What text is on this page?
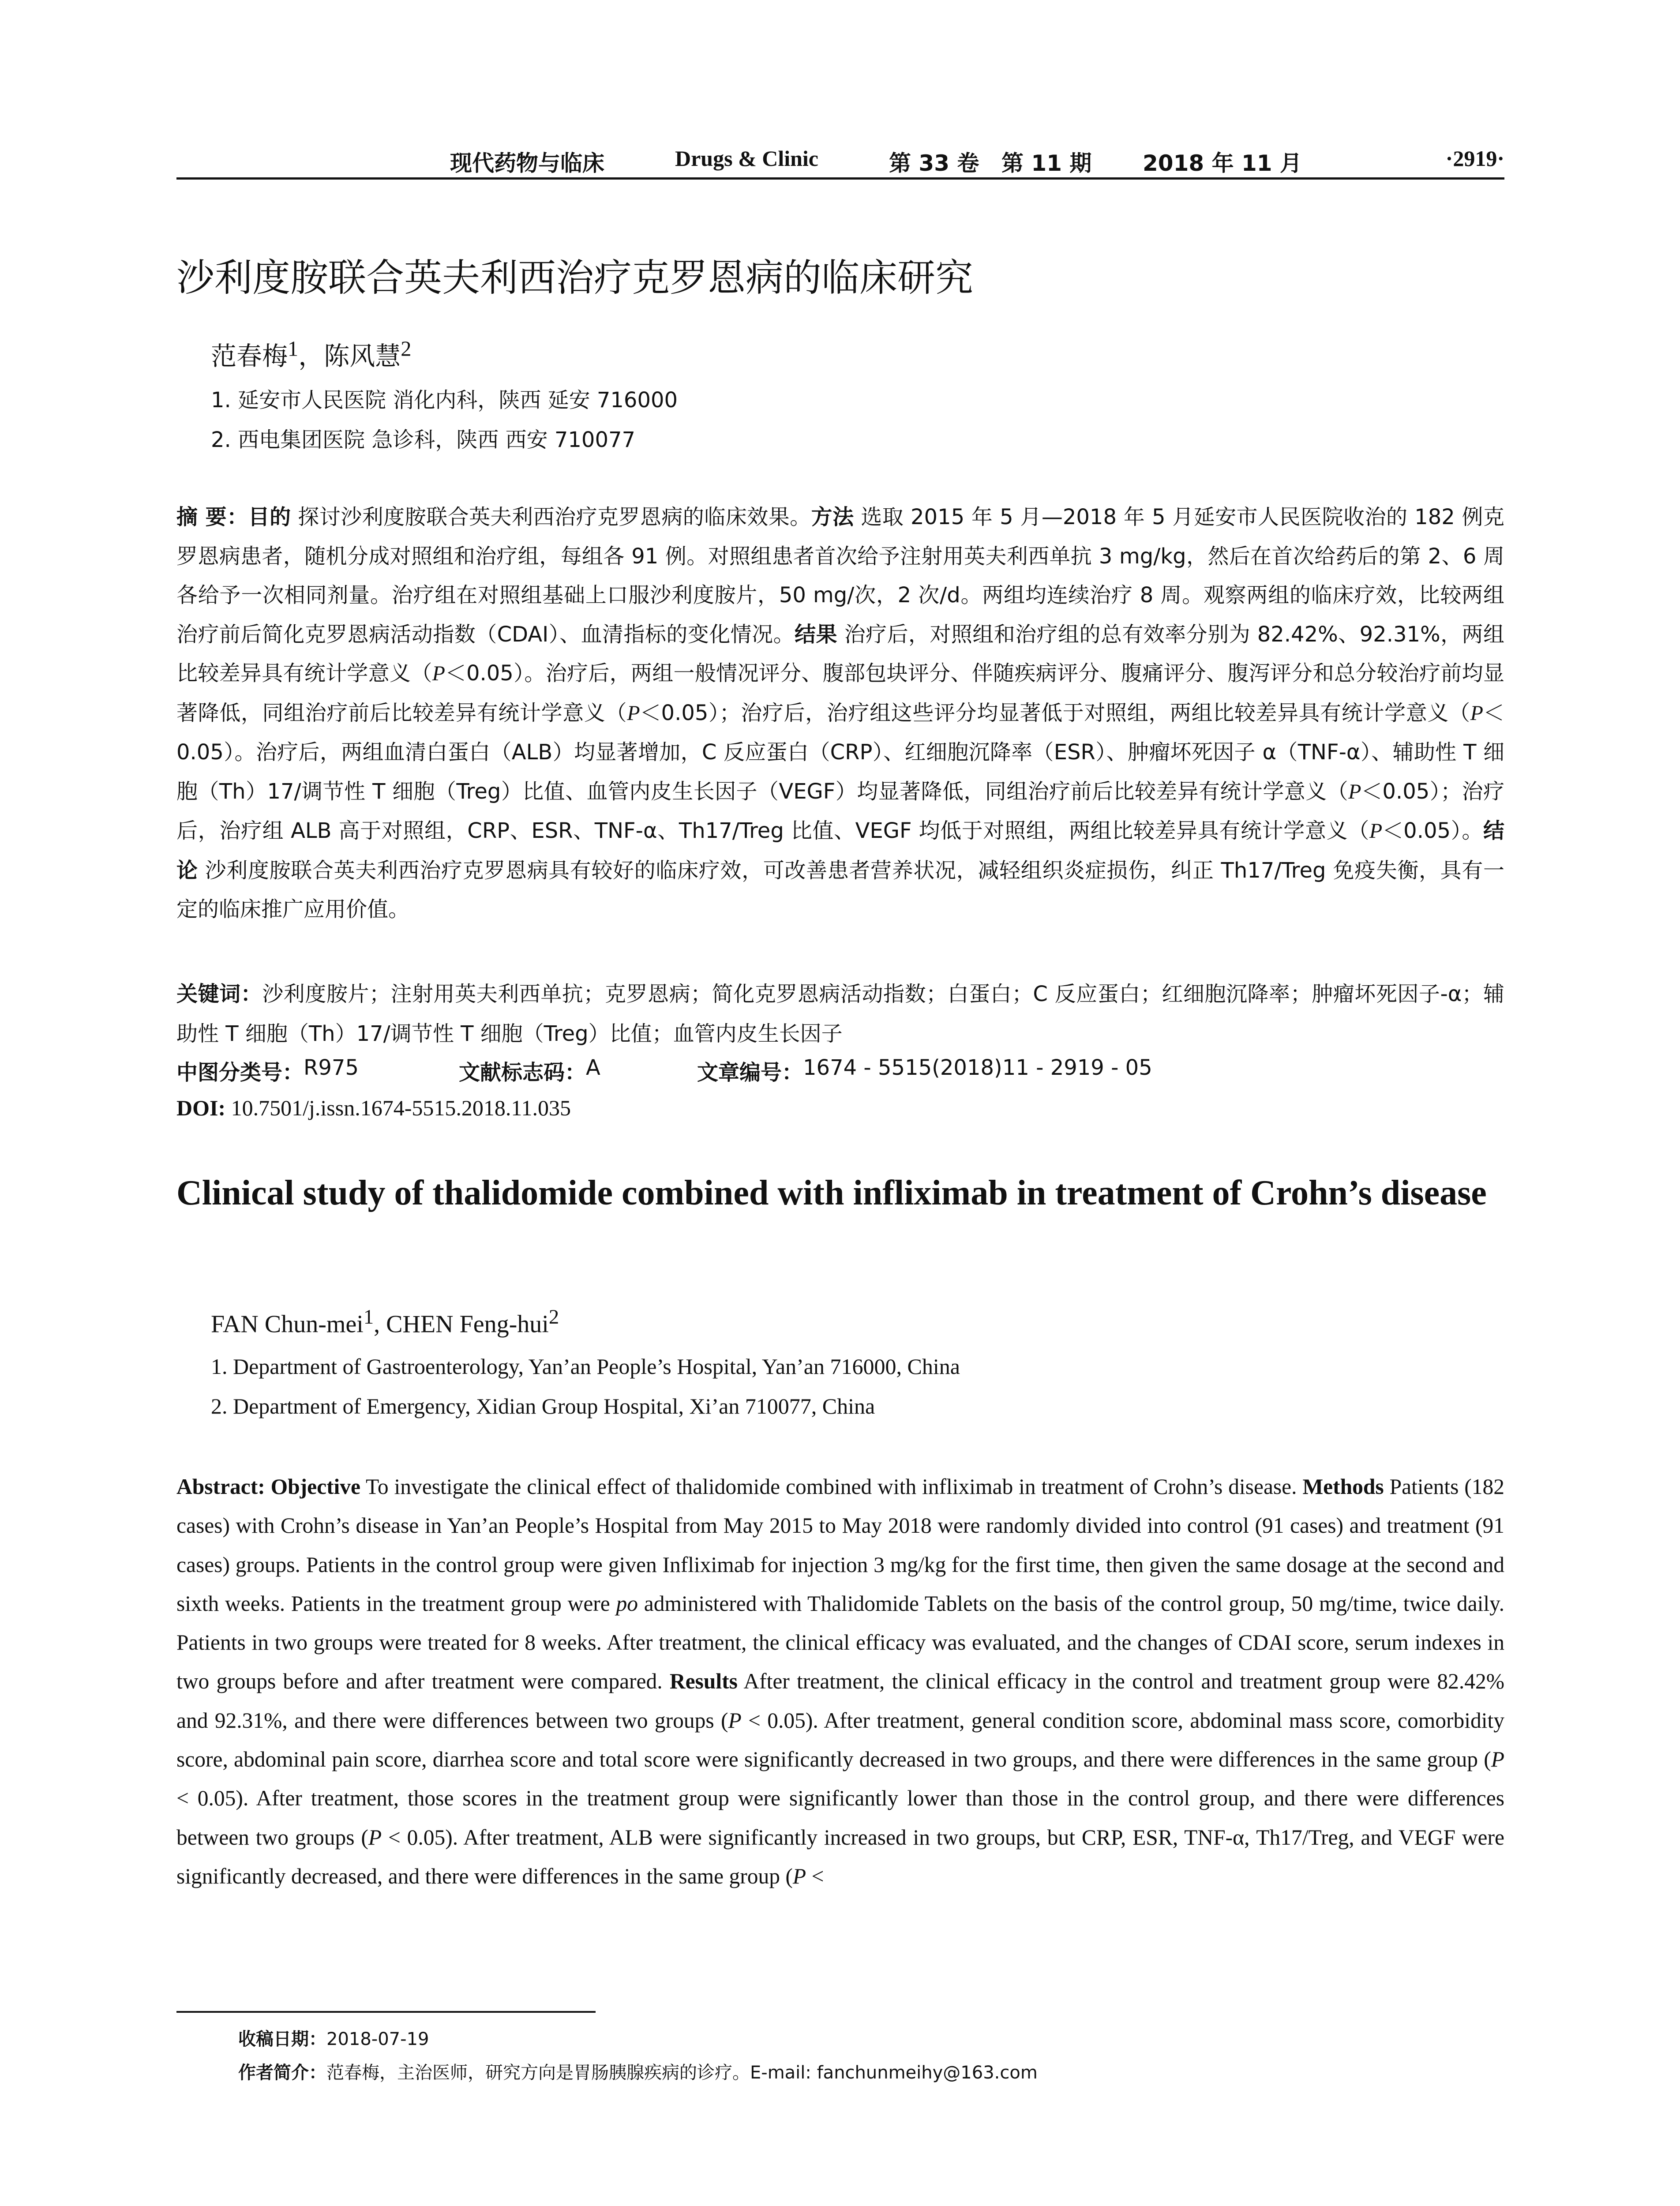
现代药物与临床	Drugs & Clinic	第 33 卷 第 11 期 2018 年 11 月	·2919·
沙利度胺联合英夫利西治疗克罗恩病的临床研究
范春梅$^1$，陈风慧$^2$
1. 延安市人民医院 消化内科，陕西 延安 716000
2. 西电集团医院 急诊科，陕西 西安 710077
摘 要：目的 探讨沙利度胺联合英夫利西治疗克罗恩病的临床效果。方法 选取 2015 年 5 月—2018 年 5 月延安市人民医院收治的 182 例克罗恩病患者，随机分成对照组和治疗组，每组各 91 例。对照组患者首次给予注射用英夫利西单抗 3 mg/kg，然后在首次给药后的第 2、6 周各给予一次相同剂量。治疗组在对照组基础上口服沙利度胺片，50 mg/次，2 次/d。两组均连续治疗 8 周。观察两组的临床疗效，比较两组治疗前后简化克罗恩病活动指数（CDAI）、血清指标的变化情况。结果 治疗后，对照组和治疗组的总有效率分别为 82.42%、92.31%，两组比较差异具有统计学意义（P＜0.05）。治疗后，两组一般情况评分、腹部包块评分、伴随疾病评分、腹痛评分、腹泻评分和总分较治疗前均显著降低，同组治疗前后比较差异有统计学意义（P＜0.05）；治疗后，治疗组这些评分均显著低于对照组，两组比较差异具有统计学意义（P＜0.05）。治疗后，两组血清白蛋白（ALB）均显著增加，C 反应蛋白（CRP）、红细胞沉降率（ESR）、肿瘤坏死因子 α（TNF-α）、辅助性 T 细胞（Th）17/调节性 T 细胞（Treg）比值、血管内皮生长因子（VEGF）均显著降低，同组治疗前后比较差异有统计学意义（P＜0.05）；治疗后，治疗组 ALB 高于对照组，CRP、ESR、TNF-α、Th17/Treg 比值、VEGF 均低于对照组，两组比较差异具有统计学意义（P＜0.05）。结论 沙利度胺联合英夫利西治疗克罗恩病具有较好的临床疗效，可改善患者营养状况，减轻组织炎症损伤，纠正 Th17/Treg 免疫失衡，具有一定的临床推广应用价值。
关键词：沙利度胺片；注射用英夫利西单抗；克罗恩病；简化克罗恩病活动指数；白蛋白；C 反应蛋白；红细胞沉降率；肿瘤坏死因子-α；辅助性 T 细胞（Th）17/调节性 T 细胞（Treg）比值；血管内皮生长因子
中图分类号： R975	文献标志码： A	文章编号： 1674 - 5515(2018)11 - 2919 - 05
DOI: 10.7501/j.issn.1674-5515.2018.11.035
Clinical study of thalidomide combined with infliximab in treatment of Crohn’s disease
FAN Chun-mei$^1$, CHEN Feng-hui$^2$
1. Department of Gastroenterology, Yan’an People’s Hospital, Yan’an 716000, China
2. Department of Emergency, Xidian Group Hospital, Xi’an 710077, China
Abstract: Objective To investigate the clinical effect of thalidomide combined with infliximab in treatment of Crohn’s disease. Methods Patients (182 cases) with Crohn’s disease in Yan’an People’s Hospital from May 2015 to May 2018 were randomly divided into control (91 cases) and treatment (91 cases) groups. Patients in the control group were given Infliximab for injection 3 mg/kg for the first time, then given the same dosage at the second and sixth weeks. Patients in the treatment group were po administered with Thalidomide Tablets on the basis of the control group, 50 mg/time, twice daily. Patients in two groups were treated for 8 weeks. After treatment, the clinical efficacy was evaluated, and the changes of CDAI score, serum indexes in two groups before and after treatment were compared. Results After treatment, the clinical efficacy in the control and treatment group were 82.42% and 92.31%, and there were differences between two groups (P < 0.05). After treatment, general condition score, abdominal mass score, comorbidity score, abdominal pain score, diarrhea score and total score were significantly decreased in two groups, and there were differences in the same group (P < 0.05). After treatment, those scores in the treatment group were significantly lower than those in the control group, and there were differences between two groups (P < 0.05). After treatment, ALB were significantly increased in two groups, but CRP, ESR, TNF-α, Th17/Treg, and VEGF were significantly decreased, and there were differences in the same group (P <
收稿日期：2018-07-19
作者简介：范春梅，主治医师，研究方向是胃肠胰腺疾病的诊疗。E-mail: fanchunmeihy@163.com
